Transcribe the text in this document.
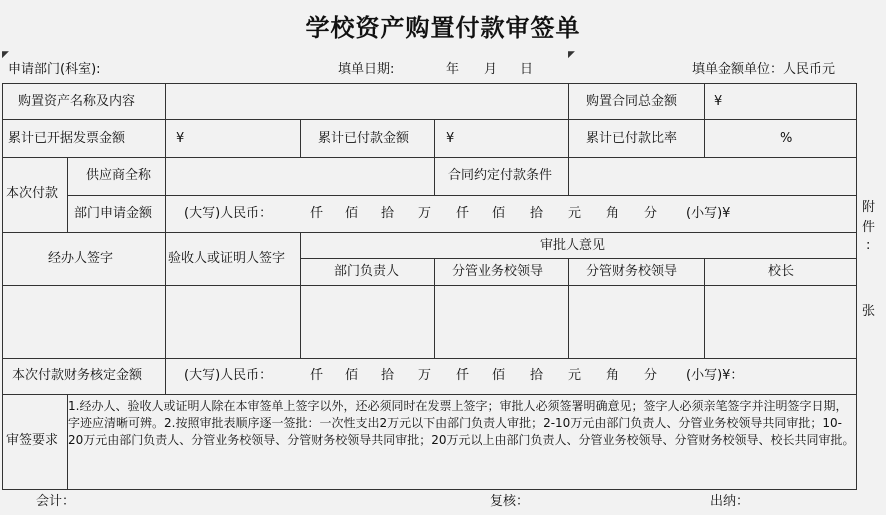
学校资产购置付款审签单
◤	◤
申请部门(科室):	填单日期:	年 月 日	填单金额单位：人民币元
购置资产名称及内容	购置合同总金额	¥
累计已开据发票金额	¥	累计已付款金额	¥	累计已付款比率	%
本次付款
供应商全称	合同约定付款条件
部门申请金额 (大写)人民币：	仟 佰 拾 万 仟 佰 拾 元 角 分 (小写)¥
经办人签字	验收人或证明人签字
审批人意见
部门负责人	分管业务校领导	分管财务校领导	校长
本次付款财务核定金额	(大写)人民币：	仟 佰 拾 万 仟 佰 拾 元 角 分 (小写)¥：
审签要求
1.经办人、验收人或证明人除在本审签单上签字以外，还必须同时在发票上签字；审批人必须签署明确意见；签字人必须亲笔签字并注明签字日期，字迹应清晰可辨。2.按照审批表顺序逐一签批：一次性支出2万元以下由部门负责人审批；2-10万元由部门负责人、分管业务校领导共同审批；10-20万元由部门负责人、分管业务校领导、分管财务校领导共同审批；20万元以上由部门负责人、分管业务校领导、分管财务校领导、校长共同审批。
附
件
:
张
会计：	复核：	出纳：
